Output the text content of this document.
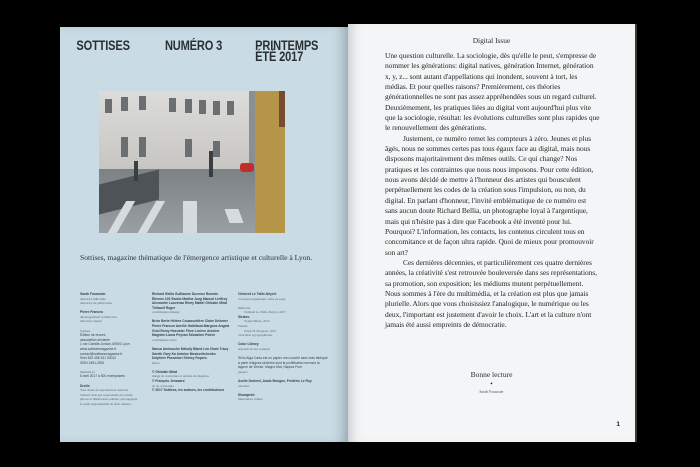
SOTTISES	NUMÉRO 3 PRINTEMPS
ÉTÉ 2017
Sottises, magazine thématique de l'émergence artistique et culturelle à Lyon.
Sarah Fouassier
directrice éditoriale
directrice de publication
Pierre Franceu
développement commercial
directeur adjoint
Sottises
Édition de revues
association déclarée
1 rue Camille-Jordan, 69001 Lyon
www.sottisesmagazine.fr
contact@sottisesmagazine.fr
Siret 819 456 341 00012
ISSN 2491-2891
Imprimé le
6 avril 2017 à 500 exemplaires
Droits
Tous droits de reproduction réservés.
Sottises n'est pas responsable des textes,
photos et illustrations publiés, qui engagent
la seule responsabilité de leurs auteurs.
Richard Bellia Guillaume Ducreux Romain Étienne 100 Studio Martha Jung Manuel Lieffroy Alexandre Louvenaz Rémy Mattei Ghislain Mirat Thibault Roger
contributeurs images
Brice Berte Hélène Couassedière Claire Delorme Pierre Franceu Amélie Gabillaud-Margoux Angela Gnol Romy Hoeuster Flore Leclerc Antoine Magnien Laura Peysan Sébastien Poirée
contributeurs mots
Nanca Amirouche Mélody Bland Léa Chaix Tracy Sareth Gary Ka Antoine Moskovitchenko Delphine Paesedori Shirley Ropers
merci
© Ghislain Mirat
image de couverture et entrées de chapitres
© François Jensaard
2e de couverture
© 2017 Sottises, les auteurs, les contributeurs
Clément Le Taille-Neyret
conception graphique, mise en page
Immortel
Clément Le Taille-Neyret, 2017
Strateo
Younn Minet, 2015
Plantin
Frank H. Pierpont, 1913
caractères typographiques
Color Library
séparations des couleurs
Shiro Alga Carta est un papier non couché sans bois fabriqué à partir d'algues séchées dont la prolifération menace la lagune de Venise. Magno Mat, Napura Pure
papiers
Axelle Durimel, Anaïs Bringue, Frédéric Le Roy
relecture
Sharaprint
impression, reliure
Digital Issue

Une question culturelle. La sociologie, dès qu'elle le peut, s'empresse de nommer les générations: digital natives, génération Internet, génération x, y, z... sont autant d'appellations qui inondent, souvent à tort, les médias. Et pour quelles raisons? Premièrement, ces théories générationnelles ne sont pas assez appréhendées sous un regard culturel. Deuxièmement, les pratiques liées au digital vont aujourd'hui plus vite que la sociologie, résultat: les évolutions culturelles sont plus rapides que le renouvellement des générations.

Justement, ce numéro remet les compteurs à zéro. Jeunes et plus âgés, nous ne sommes certes pas tous égaux face au digital, mais nous disposons majoritairement des mêmes outils. Ce qui change? Nos pratiques et les contraintes que nous nous imposons. Pour cette édition, nous avons décidé de mettre à l'honneur des artistes qui bousculent perpétuellement les codes de la création sous l'impulsion, ou non, du digital. En parlant d'honneur, l'invité emblématique de ce numéro est sans aucun doute Richard Bellia, un photographe loyal à l'argentique, mais qui n'hésite pas à dire que Facebook a été inventé pour lui. Pourquoi? L'information, les contacts, les contenus circulent tous en concomitance et de façon ultra rapide. Quoi de mieux pour promouvoir son art?

Ces dernières décennies, et particulièrement ces quatre dernières années, la créativité s'est retrouvée bouleversée dans ses représentations, sa promotion, son exposition; les médiums mutent perpétuellement. Nous sommes à l'ère du multimédia, et la création est plus que jamais plurielle. Alors que vous choisissiez l'analogique, le numérique ou les deux, l'important est justement d'avoir le choix. L'art et la culture n'ont jamais été aussi empreints de démocratie.

Bonne lecture
•
Sarah Fouassier
1
